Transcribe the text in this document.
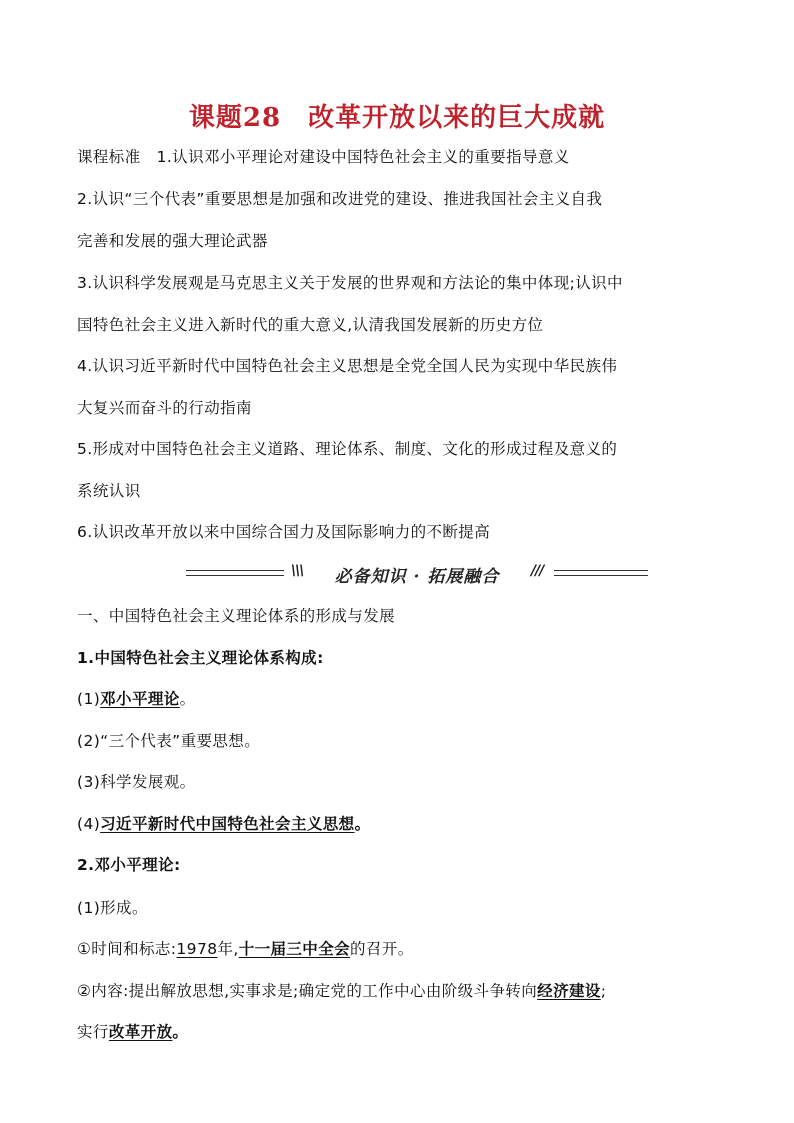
课题28　改革开放以来的巨大成就
课程标准 1.认识邓小平理论对建设中国特色社会主义的重要指导意义
2.认识“三个代表”重要思想是加强和改进党的建设、推进我国社会主义自我
完善和发展的强大理论武器
3.认识科学发展观是马克思主义关于发展的世界观和方法论的集中体现;认识中
国特色社会主义进入新时代的重大意义,认清我国发展新的历史方位
4.认识习近平新时代中国特色社会主义思想是全党全国人民为实现中华民族伟
大复兴而奋斗的行动指南
5.形成对中国特色社会主义道路、理论体系、制度、文化的形成过程及意义的
系统认识
6.认识改革开放以来中国综合国力及国际影响力的不断提高
\\\	必备知识 · 拓展融合	///
一、中国特色社会主义理论体系的形成与发展
1.中国特色社会主义理论体系构成:
(1)邓小平理论。
(2)“三个代表”重要思想。
(3)科学发展观。
(4)习近平新时代中国特色社会主义思想。
2.邓小平理论:
(1)形成。
①时间和标志:1978年,十一届三中全会的召开。
②内容:提出解放思想,实事求是;确定党的工作中心由阶级斗争转向经济建设;
实行改革开放。
